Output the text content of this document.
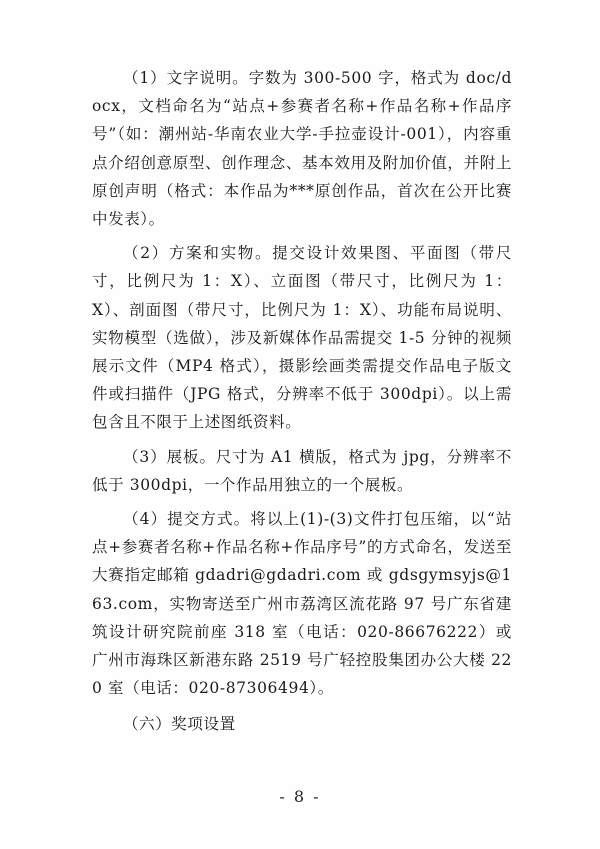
（1）文字说明。字数为 300-500 字，格式为 doc/docx，文档命名为“站点+参赛者名称+作品名称+作品序号”（如：潮州站-华南农业大学-手拉壶设计-001），内容重点介绍创意原型、创作理念、基本效用及附加价值，并附上原创声明（格式：本作品为***原创作品，首次在公开比赛中发表）。

（2）方案和实物。提交设计效果图、平面图（带尺寸，比例尺为 1：X）、立面图（带尺寸，比例尺为 1：X）、剖面图（带尺寸，比例尺为 1：X）、功能布局说明、实物模型（选做），涉及新媒体作品需提交 1-5 分钟的视频展示文件（MP4 格式），摄影绘画类需提交作品电子版文件或扫描件（JPG 格式，分辨率不低于 300dpi）。以上需包含且不限于上述图纸资料。

（3）展板。尺寸为 A1 横版，格式为 jpg，分辨率不低于 300dpi，一个作品用独立的一个展板。

（4）提交方式。将以上(1)-(3)文件打包压缩，以“站点+参赛者名称+作品名称+作品序号”的方式命名，发送至大赛指定邮箱 gdadri@gdadri.com 或 gdsgymsyjs@163.com，实物寄送至广州市荔湾区流花路 97 号广东省建筑设计研究院前座 318 室（电话：020-86676222）或广州市海珠区新港东路 2519 号广轻控股集团办公大楼 220 室（电话：020-87306494）。

（六）奖项设置

- 8 -
